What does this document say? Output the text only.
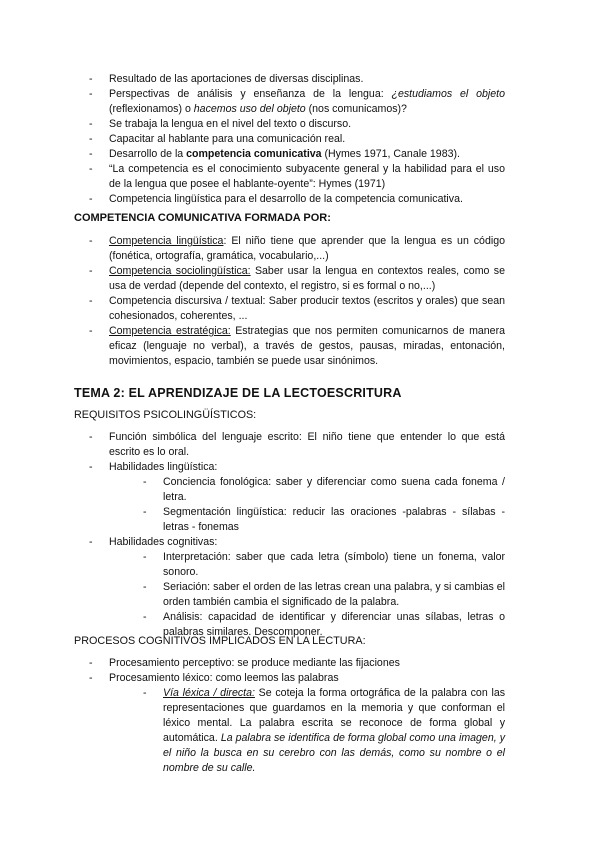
- Resultado de las aportaciones de diversas disciplinas.
- Perspectivas de análisis y enseñanza de la lengua: ¿estudiamos el objeto (reflexionamos) o hacemos uso del objeto (nos comunicamos)?
- Se trabaja la lengua en el nivel del texto o discurso.
- Capacitar al hablante para una comunicación real.
- Desarrollo de la competencia comunicativa (Hymes 1971, Canale 1983).
- “La competencia es el conocimiento subyacente general y la habilidad para el uso de la lengua que posee el hablante-oyente”: Hymes (1971)
- Competencia lingüística para el desarrollo de la competencia comunicativa.
COMPETENCIA COMUNICATIVA FORMADA POR:
- Competencia lingüística: El niño tiene que aprender que la lengua es un código (fonética, ortografía, gramática, vocabulario,...)
- Competencia sociolingüística: Saber usar la lengua en contextos reales, como se usa de verdad (depende del contexto, el registro, si es formal o no,...)
- Competencia discursiva / textual: Saber producir textos (escritos y orales) que sean cohesionados, coherentes, ...
- Competencia estratégica: Estrategias que nos permiten comunicarnos de manera eficaz (lenguaje no verbal), a través de gestos, pausas, miradas, entonación, movimientos, espacio, también se puede usar sinónimos.
TEMA 2: EL APRENDIZAJE DE LA LECTOESCRITURA
REQUISITOS PSICOLINGÜÍSTICOS:
- Función simbólica del lenguaje escrito: El niño tiene que entender lo que está escrito es lo oral.
- Habilidades lingüística:
- Conciencia fonológica: saber y diferenciar como suena cada fonema / letra.
- Segmentación lingüística: reducir las oraciones -palabras - sílabas - letras - fonemas
- Habilidades cognitivas:
- Interpretación: saber que cada letra (símbolo) tiene un fonema, valor sonoro.
- Seriación: saber el orden de las letras crean una palabra, y si cambias el orden también cambia el significado de la palabra.
- Análisis: capacidad de identificar y diferenciar unas sílabas, letras o palabras similares. Descomponer.
PROCESOS COGNITIVOS IMPLICADOS EN LA LECTURA:
- Procesamiento perceptivo: se produce mediante las fijaciones
- Procesamiento léxico: como leemos las palabras
- Vía léxica / directa: Se coteja la forma ortográfica de la palabra con las representaciones que guardamos en la memoria y que conforman el léxico mental. La palabra escrita se reconoce de forma global y automática. La palabra se identifica de forma global como una imagen, y el niño la busca en su cerebro con las demás, como su nombre o el nombre de su calle.
